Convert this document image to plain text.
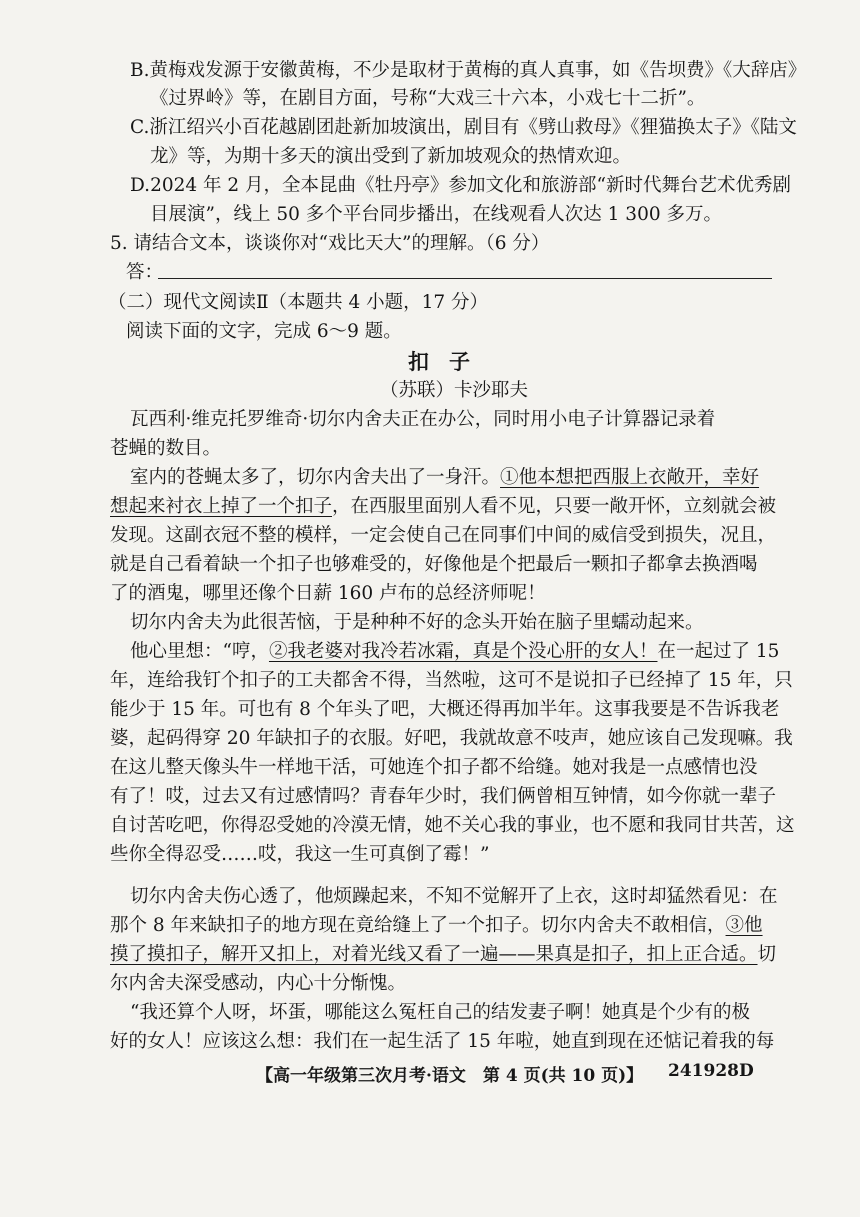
B.黄梅戏发源于安徽黄梅，不少是取材于黄梅的真人真事，如《告坝费》《大辞店》
《过界岭》等，在剧目方面，号称“大戏三十六本，小戏七十二折”。
C.浙江绍兴小百花越剧团赴新加坡演出，剧目有《劈山救母》《狸猫换太子》《陆文
龙》等，为期十多天的演出受到了新加坡观众的热情欢迎。
D.2024 年 2 月，全本昆曲《牡丹亭》参加文化和旅游部“新时代舞台艺术优秀剧
目展演”，线上 50 多个平台同步播出，在线观看人次达 1 300 多万。
5. 请结合文本，谈谈你对“戏比天大”的理解。（6 分）
答：
（二）现代文阅读Ⅱ（本题共 4 小题，17 分）
阅读下面的文字，完成 6～9 题。
扣子
（苏联）卡沙耶夫
瓦西利·维克托罗维奇·切尔内舍夫正在办公，同时用小电子计算器记录着
苍蝇的数目。
室内的苍蝇太多了，切尔内舍夫出了一身汗。①他本想把西服上衣敞开，幸好
想起来衬衣上掉了一个扣子，在西服里面别人看不见，只要一敞开怀，立刻就会被
发现。这副衣冠不整的模样，一定会使自己在同事们中间的威信受到损失，况且，
就是自己看着缺一个扣子也够难受的，好像他是个把最后一颗扣子都拿去换酒喝
了的酒鬼，哪里还像个日薪 160 卢布的总经济师呢！
切尔内舍夫为此很苦恼，于是种种不好的念头开始在脑子里蠕动起来。
他心里想：“哼，②我老婆对我冷若冰霜，真是个没心肝的女人！在一起过了 15
年，连给我钉个扣子的工夫都舍不得，当然啦，这可不是说扣子已经掉了 15 年，只
能少于 15 年。可也有 8 个年头了吧，大概还得再加半年。这事我要是不告诉我老
婆，起码得穿 20 年缺扣子的衣服。好吧，我就故意不吱声，她应该自己发现嘛。我
在这儿整天像头牛一样地干活，可她连个扣子都不给缝。她对我是一点感情也没
有了！哎，过去又有过感情吗？青春年少时，我们俩曾相互钟情，如今你就一辈子
自讨苦吃吧，你得忍受她的冷漠无情，她不关心我的事业，也不愿和我同甘共苦，这
些你全得忍受……哎，我这一生可真倒了霉！”
切尔内舍夫伤心透了，他烦躁起来，不知不觉解开了上衣，这时却猛然看见：在
那个 8 年来缺扣子的地方现在竟给缝上了一个扣子。切尔内舍夫不敢相信，③他
摸了摸扣子，解开又扣上，对着光线又看了一遍——果真是扣子，扣上正合适。切
尔内舍夫深受感动，内心十分惭愧。
“我还算个人呀，坏蛋，哪能这么冤枉自己的结发妻子啊！她真是个少有的极
好的女人！应该这么想：我们在一起生活了 15 年啦，她直到现在还惦记着我的每
【高一年级第三次月考·语文　第 4 页(共 10 页)】 241928D
